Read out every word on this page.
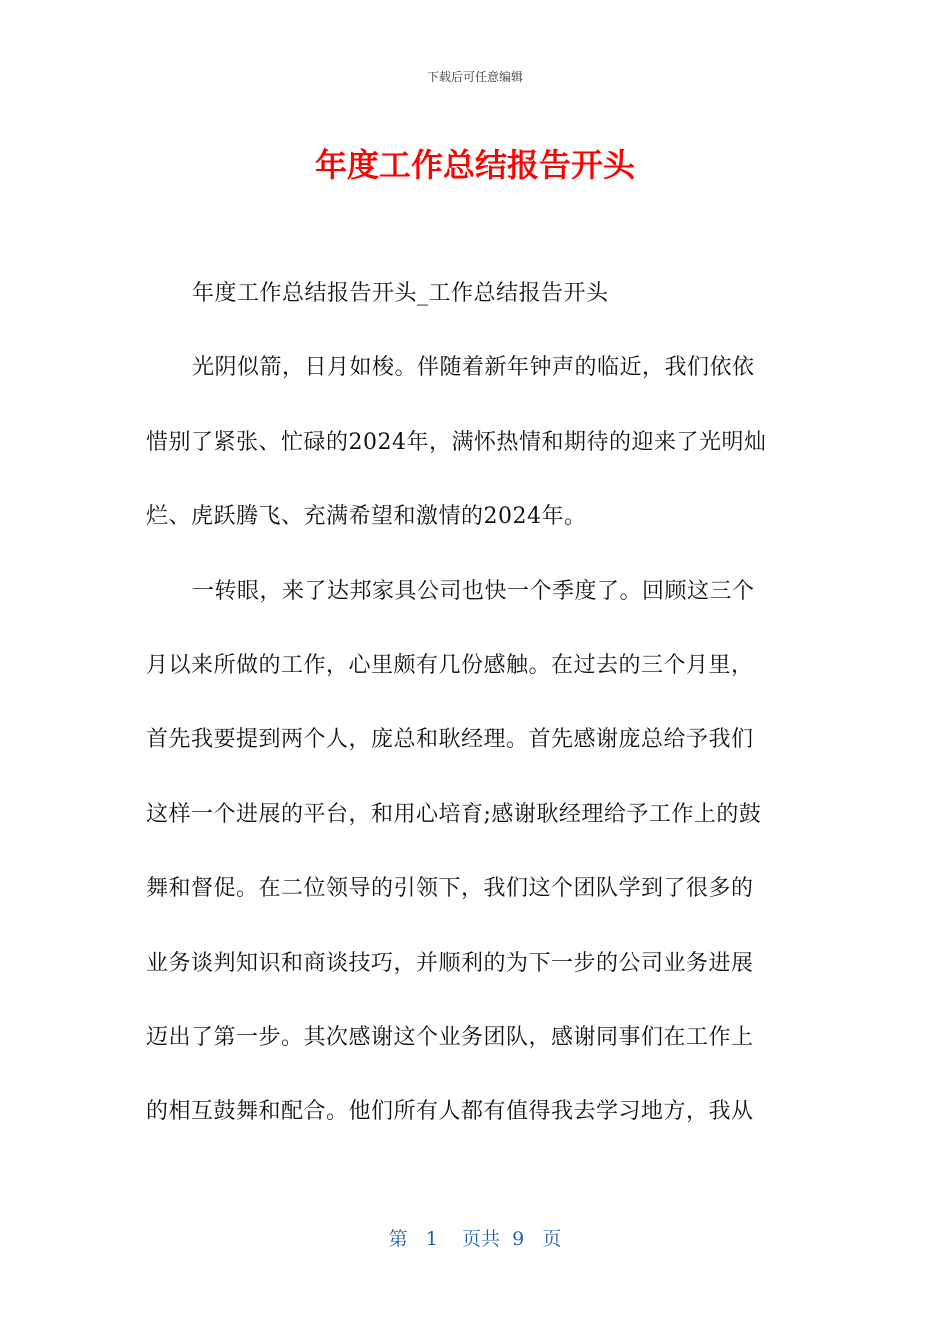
下载后可任意编辑
年度工作总结报告开头
年度工作总结报告开头_工作总结报告开头
光阴似箭，日月如梭。伴随着新年钟声的临近，我们依依
惜别了紧张、忙碌的2024年，满怀热情和期待的迎来了光明灿
烂、虎跃腾飞、充满希望和激情的2024年。
一转眼，来了达邦家具公司也快一个季度了。回顾这三个
月以来所做的工作，心里颇有几份感触。在过去的三个月里，
首先我要提到两个人，庞总和耿经理。首先感谢庞总给予我们
这样一个进展的平台，和用心培育;感谢耿经理给予工作上的鼓
舞和督促。在二位领导的引领下，我们这个团队学到了很多的
业务谈判知识和商谈技巧，并顺利的为下一步的公司业务进展
迈出了第一步。其次感谢这个业务团队，感谢同事们在工作上
的相互鼓舞和配合。他们所有人都有值得我去学习地方，我从
第 1 页共 9 页
